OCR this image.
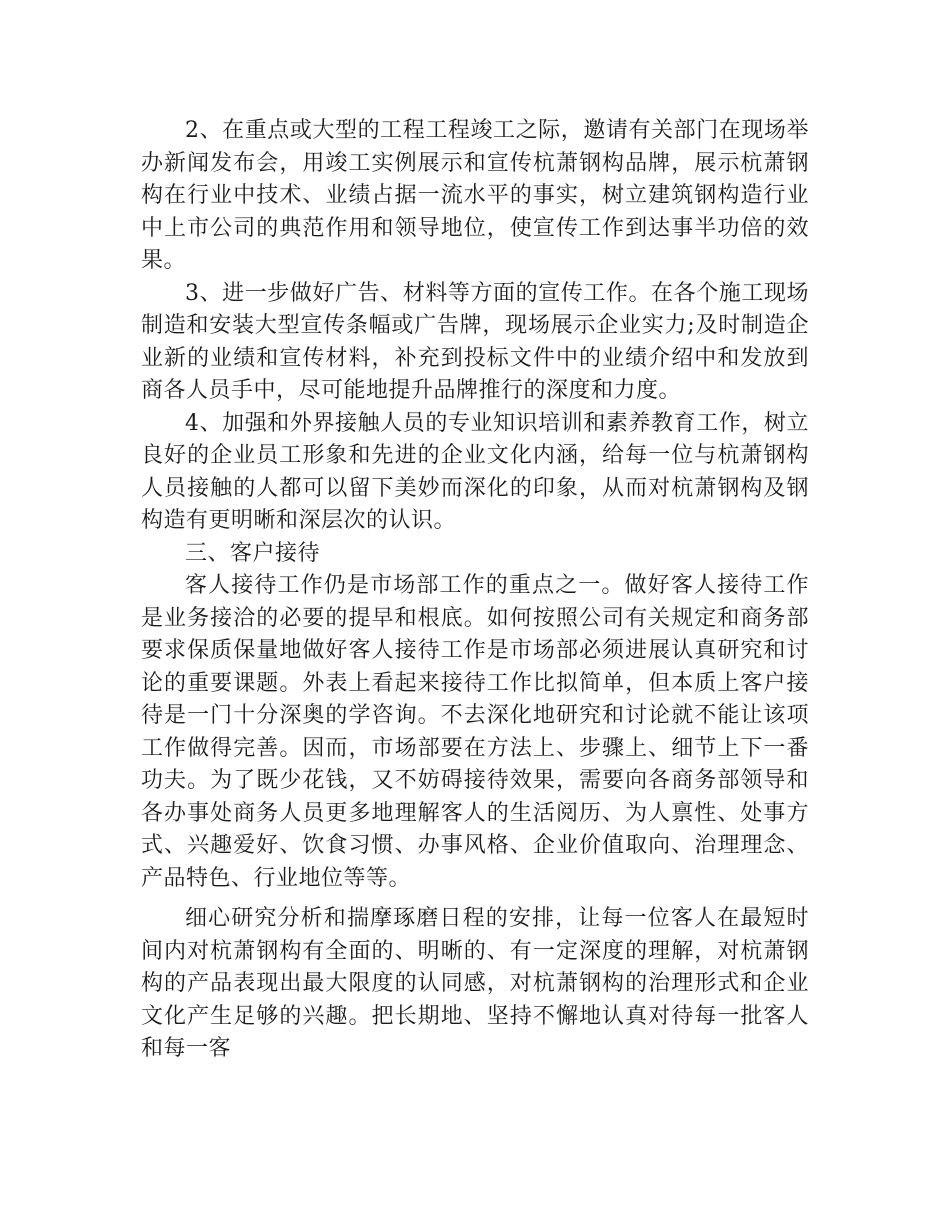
2、在重点或大型的工程工程竣工之际，邀请有关部门在现场举办新闻发布会，用竣工实例展示和宣传杭萧钢构品牌，展示杭萧钢构在行业中技术、业绩占据一流水平的事实，树立建筑钢构造行业中上市公司的典范作用和领导地位，使宣传工作到达事半功倍的效果。

3、进一步做好广告、材料等方面的宣传工作。在各个施工现场制造和安装大型宣传条幅或广告牌，现场展示企业实力;及时制造企业新的业绩和宣传材料，补充到投标文件中的业绩介绍中和发放到商各人员手中，尽可能地提升品牌推行的深度和力度。

4、加强和外界接触人员的专业知识培训和素养教育工作，树立良好的企业员工形象和先进的企业文化内涵，给每一位与杭萧钢构人员接触的人都可以留下美妙而深化的印象，从而对杭萧钢构及钢构造有更明晰和深层次的认识。

三、客户接待

客人接待工作仍是市场部工作的重点之一。做好客人接待工作是业务接洽的必要的提早和根底。如何按照公司有关规定和商务部要求保质保量地做好客人接待工作是市场部必须进展认真研究和讨论的重要课题。外表上看起来接待工作比拟简单，但本质上客户接待是一门十分深奥的学咨询。不去深化地研究和讨论就不能让该项工作做得完善。因而，市场部要在方法上、步骤上、细节上下一番功夫。为了既少花钱，又不妨碍接待效果，需要向各商务部领导和各办事处商务人员更多地理解客人的生活阅历、为人禀性、处事方式、兴趣爱好、饮食习惯、办事风格、企业价值取向、治理理念、产品特色、行业地位等等。

细心研究分析和揣摩琢磨日程的安排，让每一位客人在最短时间内对杭萧钢构有全面的、明晰的、有一定深度的理解，对杭萧钢构的产品表现出最大限度的认同感，对杭萧钢构的治理形式和企业文化产生足够的兴趣。把长期地、坚持不懈地认真对待每一批客人和每一客
